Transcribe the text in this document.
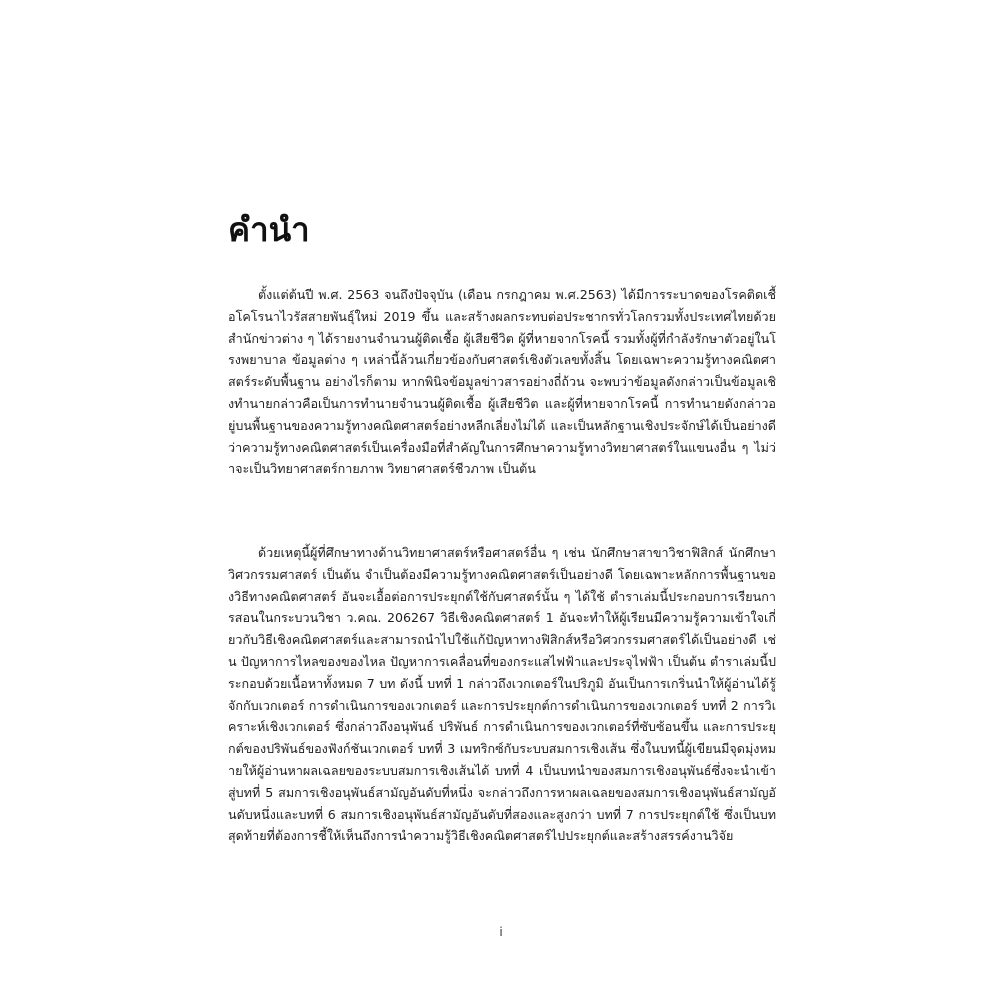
คำนำ

ตั้งแต่ต้นปี พ.ศ. 2563 จนถึงปัจจุบัน (เดือน กรกฎาคม พ.ศ.2563) ได้มีการระบาดของโรคติดเชื้อโคโรนาไวรัสสายพันธุ์ใหม่ 2019 ขึ้น และสร้างผลกระทบต่อประชากรทั่วโลกรวมทั้งประเทศไทยด้วย สำนักข่าวต่าง ๆ ได้รายงานจำนวนผู้ติดเชื้อ ผู้เสียชีวิต ผู้ที่หายจากโรคนี้ รวมทั้งผู้ที่กำลังรักษาตัวอยู่ในโรงพยาบาล ข้อมูลต่าง ๆ เหล่านี้ล้วนเกี่ยวข้องกับศาสตร์เชิงตัวเลขทั้งสิ้น โดยเฉพาะความรู้ทางคณิตศาสตร์ระดับพื้นฐาน อย่างไรก็ตาม หากพินิจข้อมูลข่าวสารอย่างถี่ถ้วน จะพบว่าข้อมูลดังกล่าวเป็นข้อมูลเชิงทำนายกล่าวคือเป็นการทำนายจำนวนผู้ติดเชื้อ ผู้เสียชีวิต และผู้ที่หายจากโรคนี้ การทำนายดังกล่าวอยู่บนพื้นฐานของความรู้ทางคณิตศาสตร์อย่างหลีกเลี่ยงไม่ได้ และเป็นหลักฐานเชิงประจักษ์ได้เป็นอย่างดีว่าความรู้ทางคณิตศาสตร์เป็นเครื่องมือที่สำคัญในการศึกษาความรู้ทางวิทยาศาสตร์ในแขนงอื่น ๆ ไม่ว่าจะเป็นวิทยาศาสตร์กายภาพ วิทยาศาสตร์ชีวภาพ เป็นต้น

ด้วยเหตุนี้ผู้ที่ศึกษาทางด้านวิทยาศาสตร์หรือศาสตร์อื่น ๆ เช่น นักศึกษาสาขาวิชาฟิสิกส์ นักศึกษาวิศวกรรมศาสตร์ เป็นต้น จำเป็นต้องมีความรู้ทางคณิตศาสตร์เป็นอย่างดี โดยเฉพาะหลักการพื้นฐานของวิธีทางคณิตศาสตร์ อันจะเอื้อต่อการประยุกต์ใช้กับศาสตร์นั้น ๆ ได้ใช้ ตำราเล่มนี้ประกอบการเรียนการสอนในกระบวนวิชา ว.คณ. 206267 วิธีเชิงคณิตศาสตร์ 1 อันจะทำให้ผู้เรียนมีความรู้ความเข้าใจเกี่ยวกับวิธีเชิงคณิตศาสตร์และสามารถนำไปใช้แก้ปัญหาทางฟิสิกส์หรือวิศวกรรมศาสตร์ได้เป็นอย่างดี เช่น ปัญหาการไหลของของไหล ปัญหาการเคลื่อนที่ของกระแสไฟฟ้าและประจุไฟฟ้า เป็นต้น ตำราเล่มนี้ประกอบด้วยเนื้อหาทั้งหมด 7 บท ดังนี้ บทที่ 1 กล่าวถึงเวกเตอร์ในปริภูมิ อันเป็นการเกริ่นนำให้ผู้อ่านได้รู้จักกับเวกเตอร์ การดำเนินการของเวกเตอร์ และการประยุกต์การดำเนินการของเวกเตอร์ บทที่ 2 การวิเคราะห์เชิงเวกเตอร์ ซึ่งกล่าวถึงอนุพันธ์ ปริพันธ์ การดำเนินการของเวกเตอร์ที่ซับซ้อนขึ้น และการประยุกต์ของปริพันธ์ของฟังก์ชันเวกเตอร์ บทที่ 3 เมทริกซ์กับระบบสมการเชิงเส้น ซึ่งในบทนี้ผู้เขียนมีจุดมุ่งหมายให้ผู้อ่านหาผลเฉลยของระบบสมการเชิงเส้นได้ บทที่ 4 เป็นบทนำของสมการเชิงอนุพันธ์ซึ่งจะนำเข้าสู่บทที่ 5 สมการเชิงอนุพันธ์สามัญอันดับที่หนึ่ง จะกล่าวถึงการหาผลเฉลยของสมการเชิงอนุพันธ์สามัญอันดับหนึ่งและบทที่ 6 สมการเชิงอนุพันธ์สามัญอันดับที่สองและสูงกว่า บทที่ 7 การประยุกต์ใช้ ซึ่งเป็นบทสุดท้ายที่ต้องการชี้ให้เห็นถึงการนำความรู้วิธีเชิงคณิตศาสตร์ไปประยุกต์และสร้างสรรค์งานวิจัย

i
